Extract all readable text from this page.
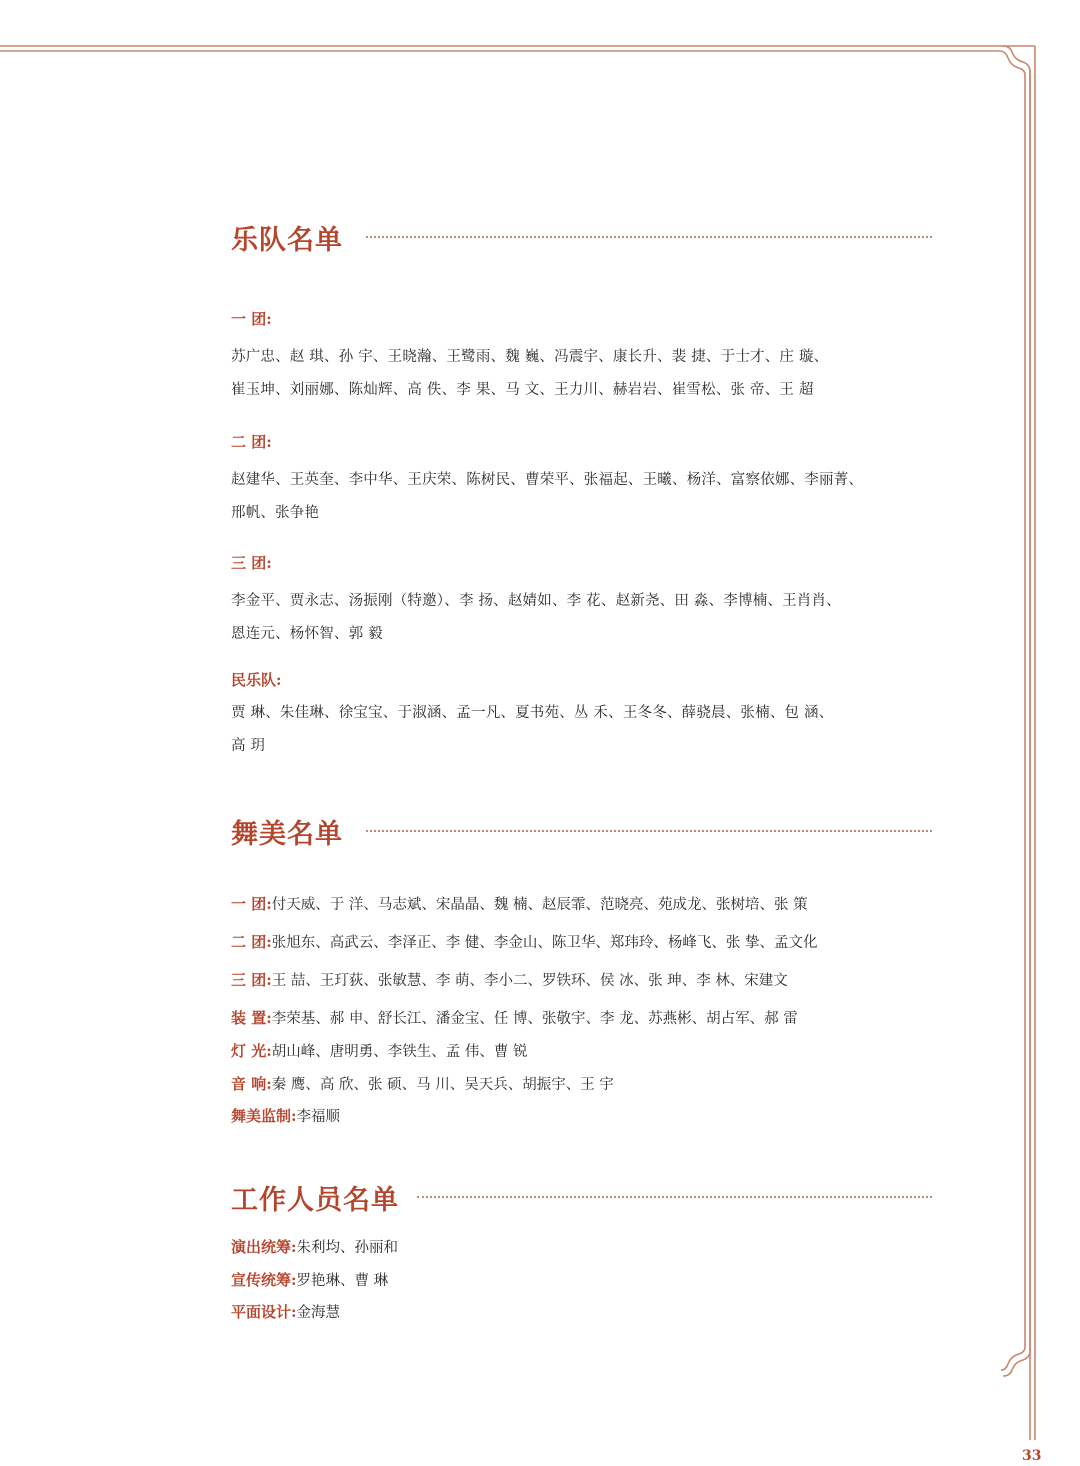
乐队名单
一 团:
苏广忠、赵 琪、孙 宇、王晓瀚、王鹭雨、魏 巍、冯震宇、康长升、裴 捷、于士才、庄 璇、
崔玉坤、刘丽娜、陈灿辉、高 佚、李 果、马 文、王力川、赫岩岩、崔雪松、张 帝、王 超
二 团:
赵建华、王英奎、李中华、王庆荣、陈树民、曹荣平、张福起、王曦、杨洋、富察依娜、李丽菁、
邢帆、张争艳
三 团:
李金平、贾永志、汤振刚（特邀）、李 扬、赵婧如、李 花、赵新尧、田 淼、李博楠、王肖肖、
恩连元、杨怀智、郭 毅
民乐队:
贾 琳、朱佳琳、徐宝宝、于淑涵、孟一凡、夏书苑、丛 禾、王冬冬、薛骁晨、张楠、包 涵、
高 玥
舞美名单
一 团:付天威、于 洋、马志斌、宋晶晶、魏 楠、赵辰霏、范晓亮、苑成龙、张树培、张 策
二 团:张旭东、高武云、李泽正、李 健、李金山、陈卫华、郑玮玲、杨峰飞、张 挚、孟文化
三 团:王 喆、王玎荻、张敏慧、李 萌、李小二、罗铁环、侯 冰、张 珅、李 林、宋建文
装 置:李荣基、郝 申、舒长江、潘金宝、任 博、张敬宇、李 龙、苏燕彬、胡占军、郝 雷
灯 光:胡山峰、唐明勇、李铁生、孟 伟、曹 锐
音 响:秦 鹰、高 欣、张 硕、马 川、吴天兵、胡振宇、王 宇
舞美监制:李福顺
工作人员名单
演出统筹:朱利均、孙丽和
宣传统筹:罗艳琳、曹 琳
平面设计:金海慧
33
